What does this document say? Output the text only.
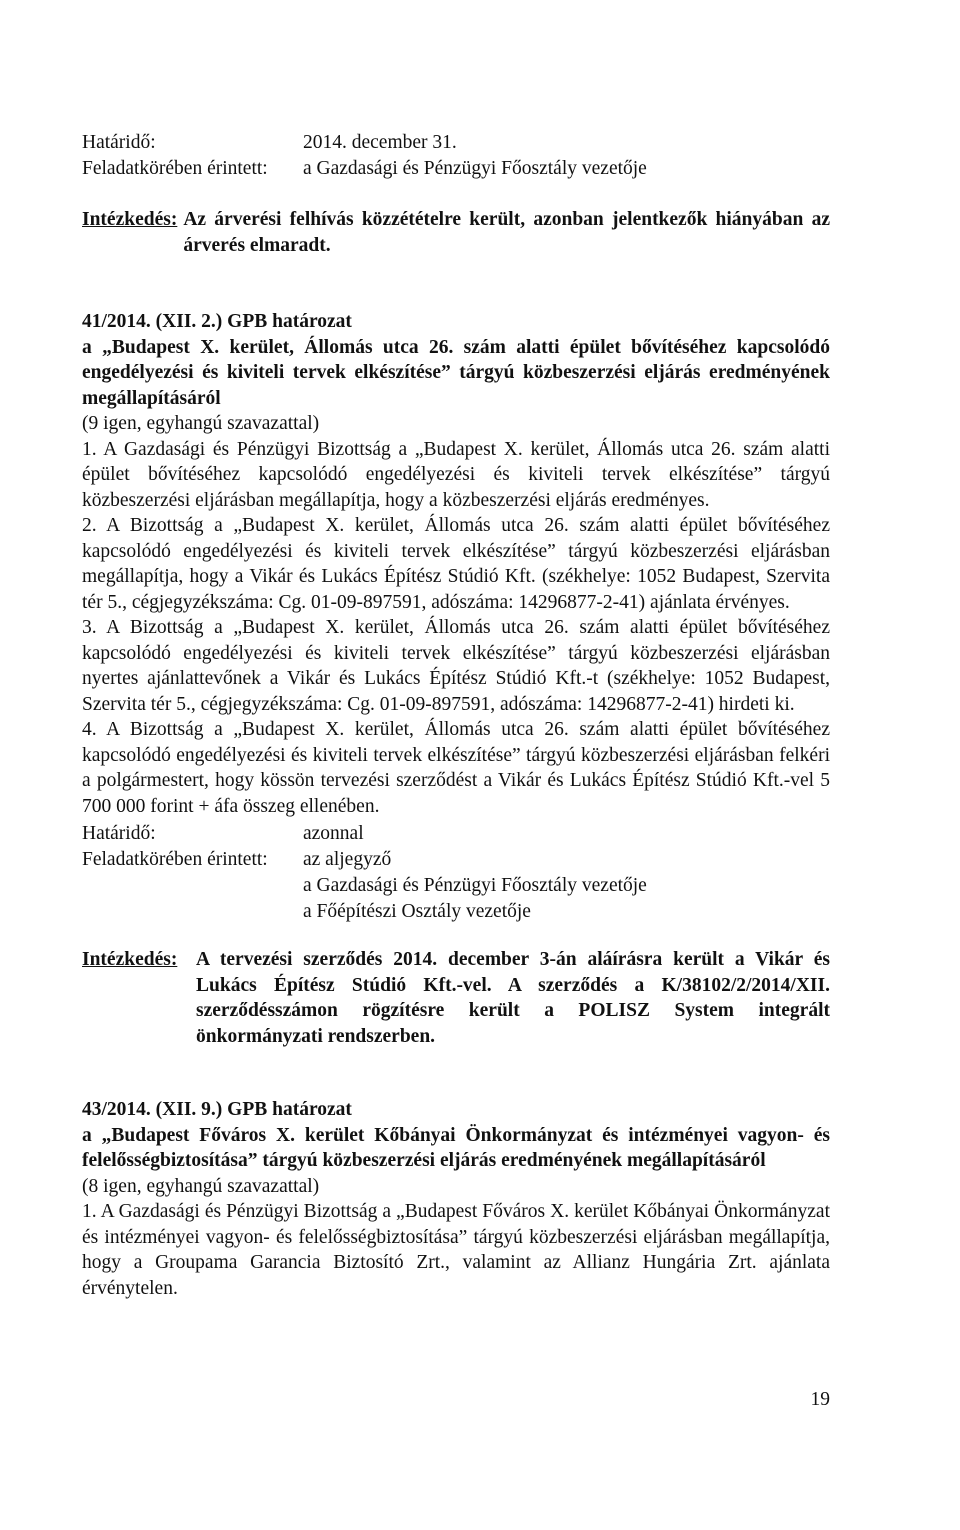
Határidő:	2014. december 31.
Feladatkörében érintett: a Gazdasági és Pénzügyi Főosztály vezetője
Intézkedés: Az árverési felhívás közzétételre került, azonban jelentkezők hiányában az árverés elmaradt.

41/2014. (XII. 2.) GPB határozat

a „Budapest X. kerület, Állomás utca 26. szám alatti épület bővítéséhez kapcsolódó engedélyezési és kiviteli tervek elkészítése” tárgyú közbeszerzési eljárás eredményének megállapításáról

(9 igen, egyhangú szavazattal)

1. A Gazdasági és Pénzügyi Bizottság a „Budapest X. kerület, Állomás utca 26. szám alatti épület bővítéséhez kapcsolódó engedélyezési és kiviteli tervek elkészítése” tárgyú közbeszerzési eljárásban megállapítja, hogy a közbeszerzési eljárás eredményes.

2. A Bizottság a „Budapest X. kerület, Állomás utca 26. szám alatti épület bővítéséhez kapcsolódó engedélyezési és kiviteli tervek elkészítése” tárgyú közbeszerzési eljárásban megállapítja, hogy a Vikár és Lukács Építész Stúdió Kft. (székhelye: 1052 Budapest, Szervita tér 5., cégjegyzékszáma: Cg. 01-09-897591, adószáma: 14296877-2-41) ajánlata érvényes.

3. A Bizottság a „Budapest X. kerület, Állomás utca 26. szám alatti épület bővítéséhez kapcsolódó engedélyezési és kiviteli tervek elkészítése” tárgyú közbeszerzési eljárásban nyertes ajánlattevőnek a Vikár és Lukács Építész Stúdió Kft.-t (székhelye: 1052 Budapest, Szervita tér 5., cégjegyzékszáma: Cg. 01-09-897591, adószáma: 14296877-2-41) hirdeti ki.

4. A Bizottság a „Budapest X. kerület, Állomás utca 26. szám alatti épület bővítéséhez kapcsolódó engedélyezési és kiviteli tervek elkészítése” tárgyú közbeszerzési eljárásban felkéri a polgármestert, hogy kössön tervezési szerződést a Vikár és Lukács Építész Stúdió Kft.-vel 5 700 000 forint + áfa összeg ellenében.

Határidő:	azonnal
Feladatkörében érintett: az aljegyző
a Gazdasági és Pénzügyi Főosztály vezetője
a Főépítészi Osztály vezetője
Intézkedés: A tervezési szerződés 2014. december 3-án aláírásra került a Vikár és Lukács Építész Stúdió Kft.-vel. A szerződés a K/38102/2/2014/XII. szerződésszámon rögzítésre került a POLISZ System integrált önkormányzati rendszerben.

43/2014. (XII. 9.) GPB határozat

a „Budapest Főváros X. kerület Kőbányai Önkormányzat és intézményei vagyon- és felelősségbiztosítása” tárgyú közbeszerzési eljárás eredményének megállapításáról

(8 igen, egyhangú szavazattal)

1. A Gazdasági és Pénzügyi Bizottság a „Budapest Főváros X. kerület Kőbányai Önkormányzat és intézményei vagyon- és felelősségbiztosítása” tárgyú közbeszerzési eljárásban megállapítja, hogy a Groupama Garancia Biztosító Zrt., valamint az Allianz Hungária Zrt. ajánlata érvénytelen.

19
